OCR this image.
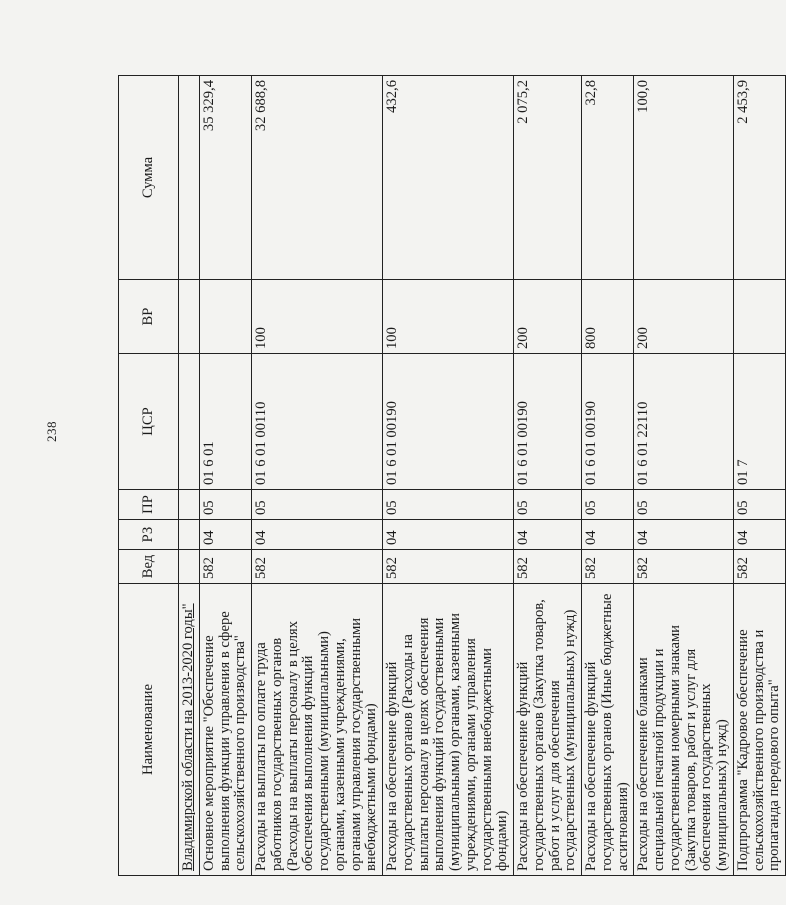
238
Наименование	Вед	РЗ	ПР	ЦСР	ВР	Сумма
Владимирской области на 2013-2020 годы"						
Основное мероприятие "Обеспечение выполнения функции управления в сфере сельскохозяйственного производства"	582	04	05	01 6 01		35 329,4
Расходы на выплаты по оплате труда работников государственных органов (Расходы на выплаты персоналу в целях обеспечения выполнения функций государственными (муниципальными) органами, казенными учреждениями, органами управления государственными внебюджетными фондами)	582	04	05	01 6 01 00110	100	32 688,8
Расходы на обеспечение функций государственных органов (Расходы на выплаты персоналу в целях обеспечения выполнения функций государственными (муниципальными) органами, казенными учреждениями, органами управления государственными внебюджетными фондами)	582	04	05	01 6 01 00190	100	432,6
Расходы на обеспечение функций государственных органов (Закупка товаров, работ и услуг для обеспечения государственных (муниципальных) нужд)	582	04	05	01 6 01 00190	200	2 075,2
Расходы на обеспечение функций государственных органов (Иные бюджетные ассигнования)	582	04	05	01 6 01 00190	800	32,8
Расходы на обеспечение бланками специальной печатной продукции и государственными номерными знаками (Закупка товаров, работ и услуг для обеспечения государственных (муниципальных) нужд)	582	04	05	01 6 01 22110	200	100,0
Подпрограмма "Кадровое обеспечение сельскохозяйственного производства и пропаганда передового опыта"	582	04	05	01 7		2 453,9
